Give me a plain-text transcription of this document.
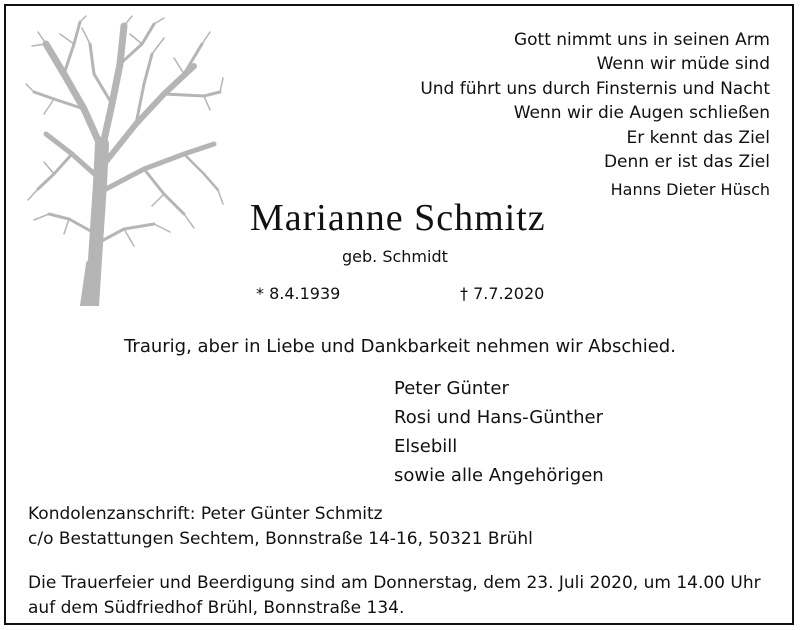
Gott nimmt uns in seinen Arm
Wenn wir müde sind
Und führt uns durch Finsternis und Nacht
Wenn wir die Augen schließen
Er kennt das Ziel
Denn er ist das Ziel
Hanns Dieter Hüsch
Marianne Schmitz
geb. Schmidt
* 8.4.1939	† 7.7.2020
Traurig, aber in Liebe und Dankbarkeit nehmen wir Abschied.
Peter Günter
Rosi und Hans-Günther
Elsebill
sowie alle Angehörigen
Kondolenzanschrift: Peter Günter Schmitz
c/o Bestattungen Sechtem, Bonnstraße 14-16, 50321 Brühl
Die Trauerfeier und Beerdigung sind am Donnerstag, dem 23. Juli 2020, um 14.00 Uhr
auf dem Südfriedhof Brühl, Bonnstraße 134.
